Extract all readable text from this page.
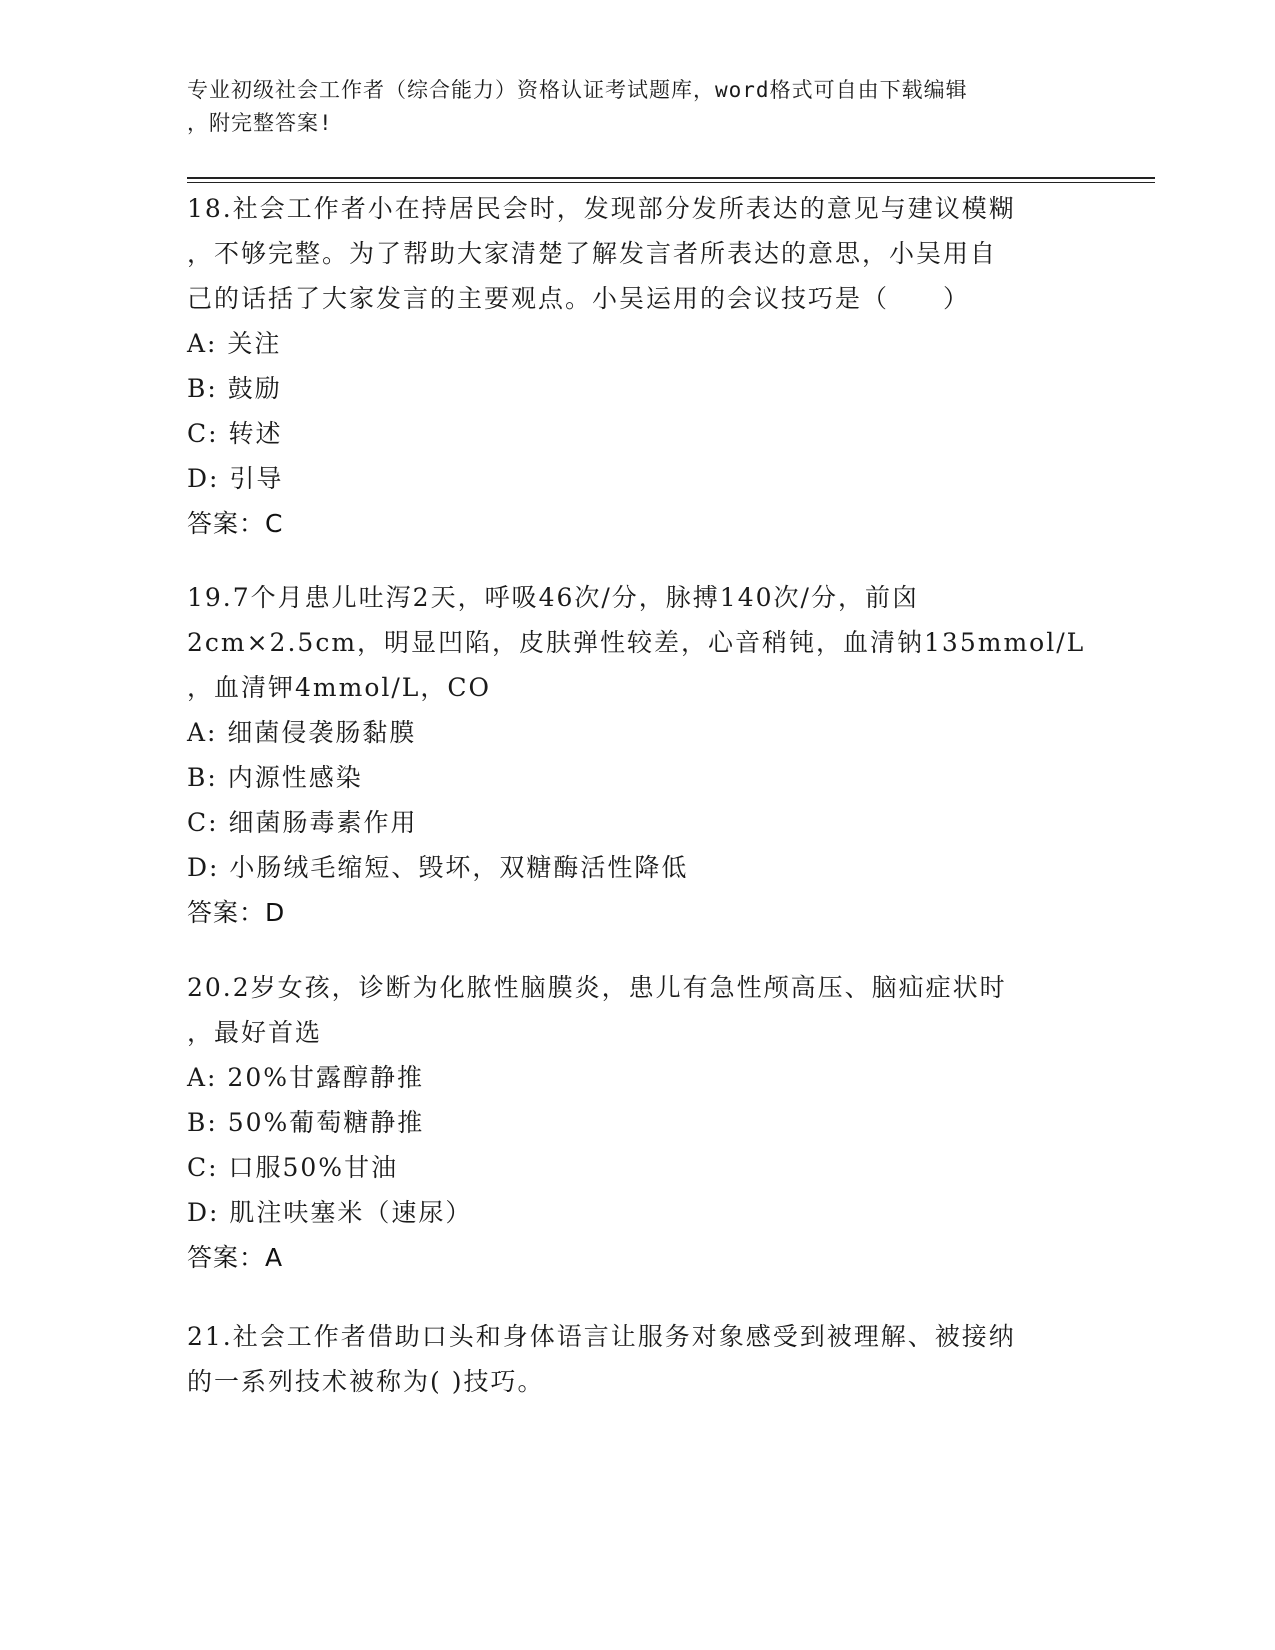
专业初级社会工作者（综合能力）资格认证考试题库，word格式可自由下载编辑
，附完整答案!
18.社会工作者小在持居民会时，发现部分发所表达的意见与建议模糊
，不够完整。为了帮助大家清楚了解发言者所表达的意思，小吴用自
己的话括了大家发言的主要观点。小吴运用的会议技巧是（　　）
A: 关注
B: 鼓励
C: 转述
D: 引导
答案：C
19.7个月患儿吐泻2天，呼吸46次/分，脉搏140次/分，前囟
2cm×2.5cm，明显凹陷，皮肤弹性较差，心音稍钝，血清钠135mmol/L
，血清钾4mmol/L，CO
A: 细菌侵袭肠黏膜
B: 内源性感染
C: 细菌肠毒素作用
D: 小肠绒毛缩短、毁坏，双糖酶活性降低
答案：D
20.2岁女孩，诊断为化脓性脑膜炎，患儿有急性颅高压、脑疝症状时
，最好首选
A: 20%甘露醇静推
B: 50%葡萄糖静推
C: 口服50%甘油
D: 肌注呋塞米（速尿）
答案：A
21.社会工作者借助口头和身体语言让服务对象感受到被理解、被接纳
的一系列技术被称为( )技巧。
